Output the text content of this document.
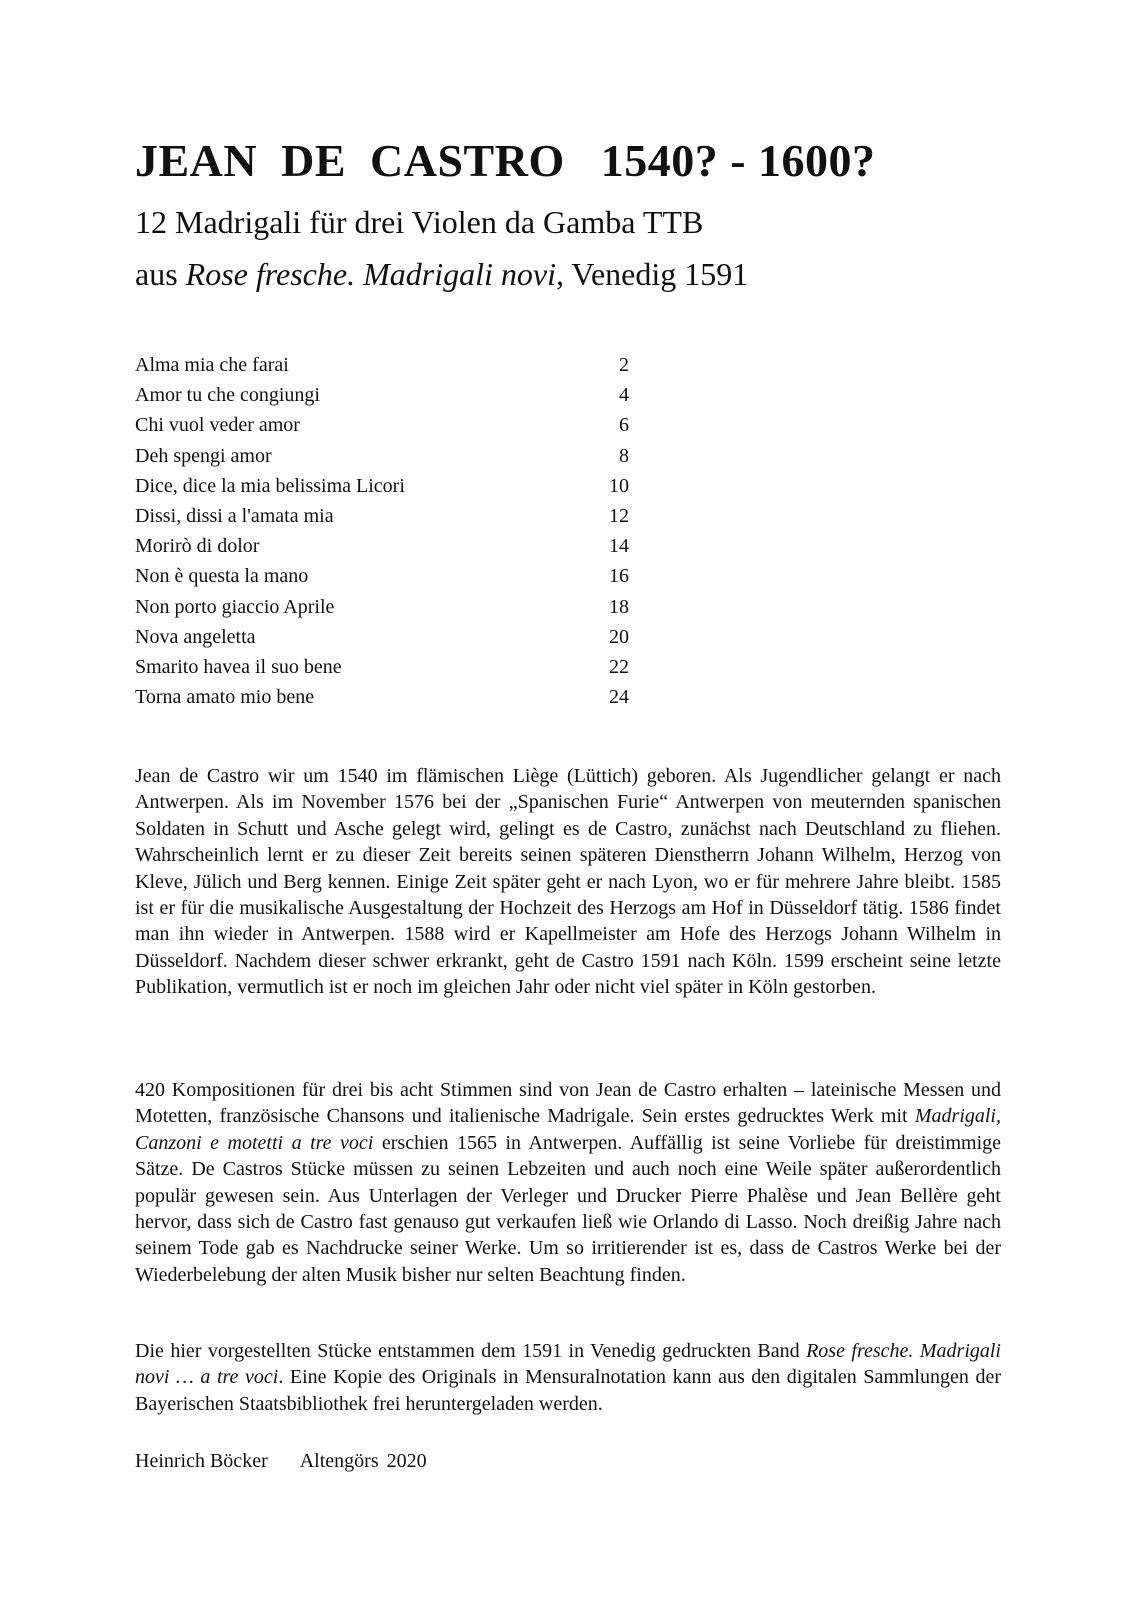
JEAN  DE  CASTRO   1540? - 1600?
12 Madrigali für drei Violen da Gamba TTB
aus Rose fresche. Madrigali novi, Venedig 1591
Alma mia che farai	2
Amor tu che congiungi	4
Chi vuol veder amor	6
Deh spengi amor	8
Dice, dice la mia belissima Licori	10
Dissi, dissi a l'amata mia	12
Morirò di dolor	14
Non è questa la mano	16
Non porto giaccio Aprile	18
Nova angeletta	20
Smarito havea il suo bene	22
Torna amato mio bene	24

Jean de Castro wir um 1540 im flämischen Liège (Lüttich) geboren. Als Jugendlicher gelangt er nach Antwerpen. Als im November 1576 bei der „Spanischen Furie“ Antwerpen von meuternden spanischen Soldaten in Schutt und Asche gelegt wird, gelingt es de Castro, zunächst nach Deutschland zu fliehen. Wahrscheinlich lernt er zu dieser Zeit bereits seinen späteren Dienstherrn Johann Wilhelm, Herzog von Kleve, Jülich und Berg kennen. Einige Zeit später geht er nach Lyon, wo er für mehrere Jahre bleibt. 1585 ist er für die musikalische Ausgestaltung der Hochzeit des Herzogs am Hof in Düsseldorf tätig. 1586 findet man ihn wieder in Antwerpen. 1588 wird er Kapellmeister am Hofe des Herzogs Johann Wilhelm in Düsseldorf. Nachdem dieser schwer erkrankt, geht de Castro 1591 nach Köln. 1599 erscheint seine letzte Publikation, vermutlich ist er noch im gleichen Jahr oder nicht viel später in Köln gestorben.

420 Kompositionen für drei bis acht Stimmen sind von Jean de Castro erhalten – lateinische Messen und Motetten, französische Chansons und italienische Madrigale. Sein erstes gedrucktes Werk mit Madrigali, Canzoni e motetti a tre voci erschien 1565 in Antwerpen. Auffällig ist seine Vorliebe für dreistimmige Sätze. De Castros Stücke müssen zu seinen Lebzeiten und auch noch eine Weile später außerordentlich populär gewesen sein. Aus Unterlagen der Verleger und Drucker Pierre Phalèse und Jean Bellère geht hervor, dass sich de Castro fast genauso gut verkaufen ließ wie Orlando di Lasso. Noch dreißig Jahre nach seinem Tode gab es Nachdrucke seiner Werke. Um so irritierender ist es, dass de Castros Werke bei der Wiederbelebung der alten Musik bisher nur selten Beachtung finden.

Die hier vorgestellten Stücke entstammen dem 1591 in Venedig gedruckten Band Rose fresche. Madrigali novi … a tre voci. Eine Kopie des Originals in Mensuralnotation kann aus den digitalen Sammlungen der Bayerischen Staatsbibliothek frei heruntergeladen werden.

Heinrich Böcker Altengörs 2020
